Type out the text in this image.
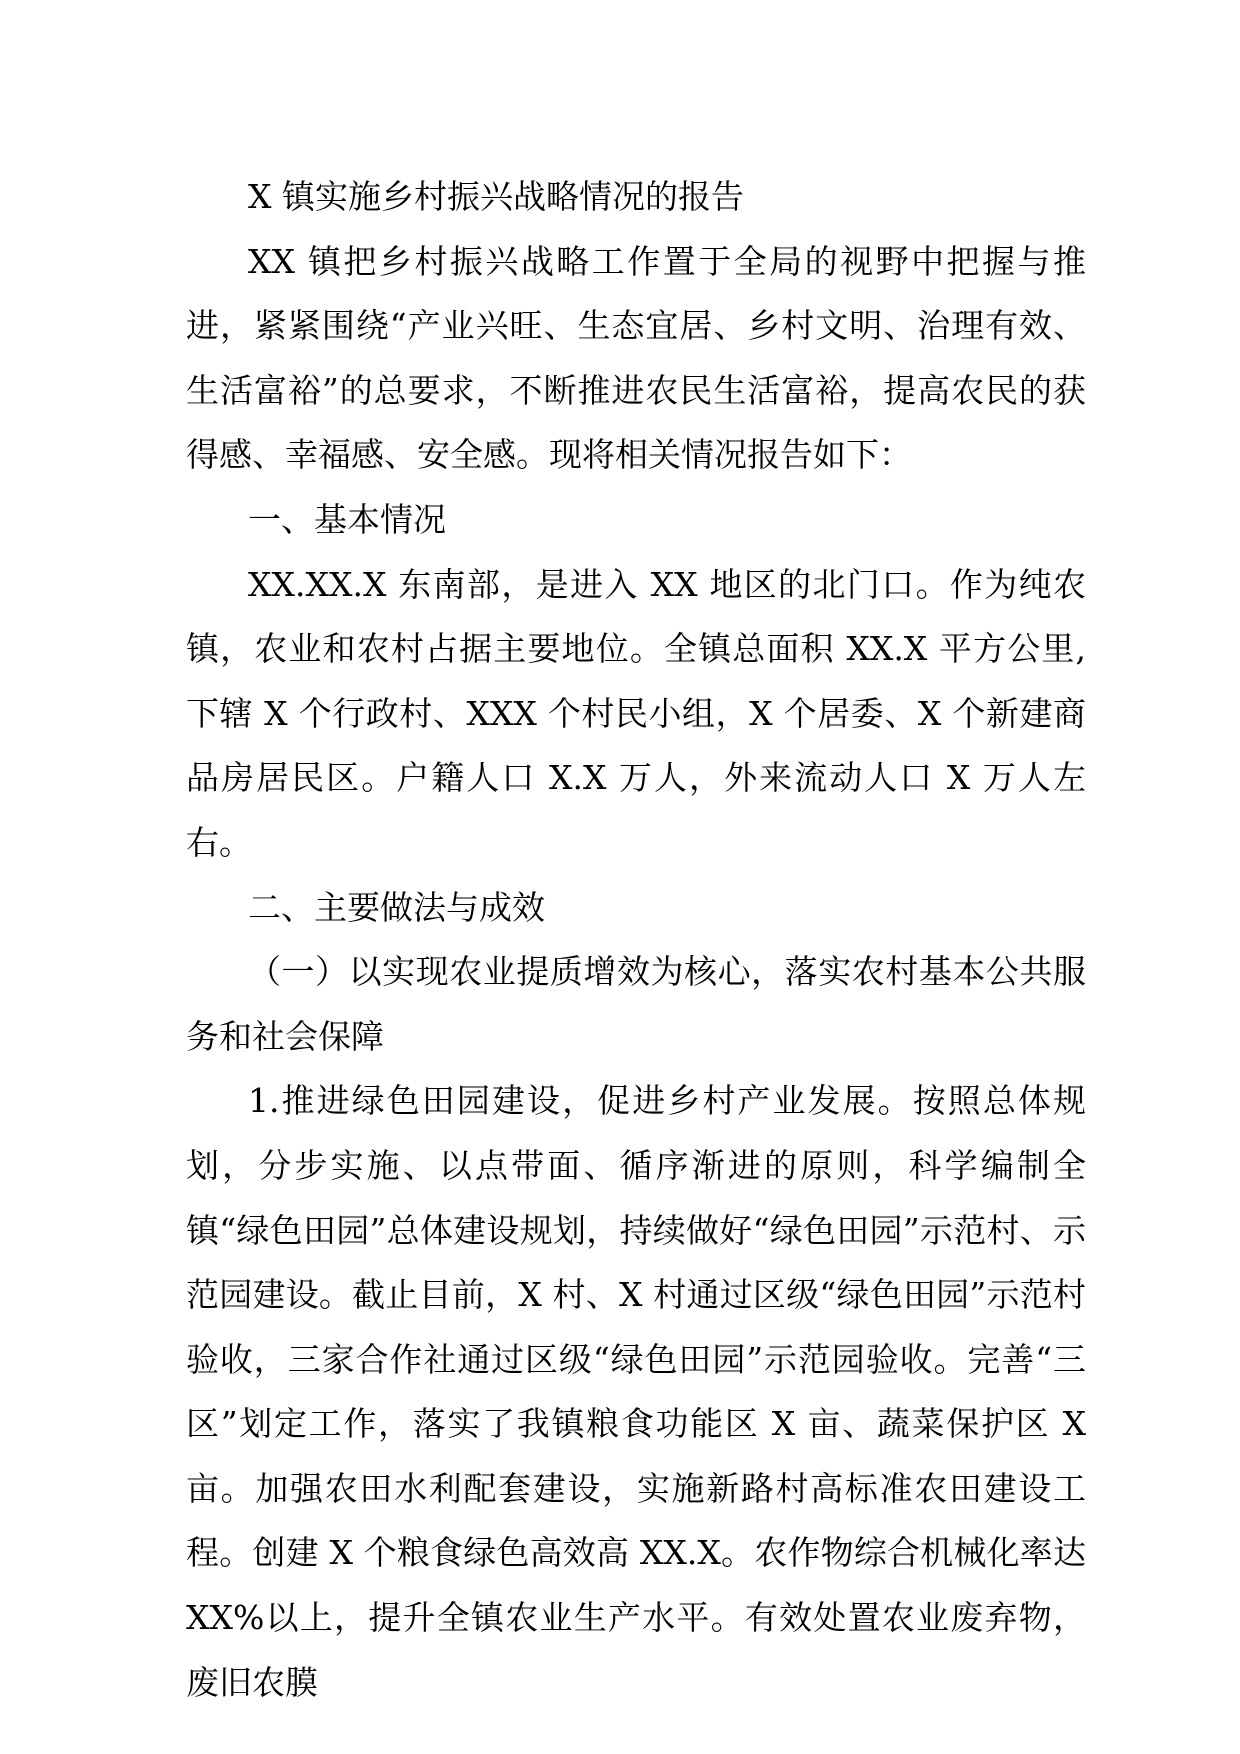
X 镇实施乡村振兴战略情况的报告

XX 镇把乡村振兴战略工作置于全局的视野中把握与推进，紧紧围绕“产业兴旺、生态宜居、乡村文明、治理有效、生活富裕”的总要求，不断推进农民生活富裕，提高农民的获得感、幸福感、安全感。现将相关情况报告如下：

一、基本情况

XX.XX.X 东南部，是进入 XX 地区的北门口。作为纯农镇，农业和农村占据主要地位。全镇总面积 XX.X 平方公里,下辖 X 个行政村、XXX 个村民小组，X 个居委、X 个新建商品房居民区。户籍人口 X.X 万人，外来流动人口 X 万人左右。

二、主要做法与成效

（一）以实现农业提质增效为核心，落实农村基本公共服务和社会保障

1.推进绿色田园建设，促进乡村产业发展。按照总体规划，分步实施、以点带面、循序渐进的原则，科学编制全镇“绿色田园”总体建设规划，持续做好“绿色田园”示范村、示范园建设。截止目前，X 村、X 村通过区级“绿色田园”示范村验收，三家合作社通过区级“绿色田园”示范园验收。完善“三区”划定工作，落实了我镇粮食功能区 X 亩、蔬菜保护区 X 亩。加强农田水利配套建设，实施新路村高标准农田建设工程。创建 X 个粮食绿色高效高 XX.X。农作物综合机械化率达 XX%以上，提升全镇农业生产水平。有效处置农业废弃物，废旧农膜
